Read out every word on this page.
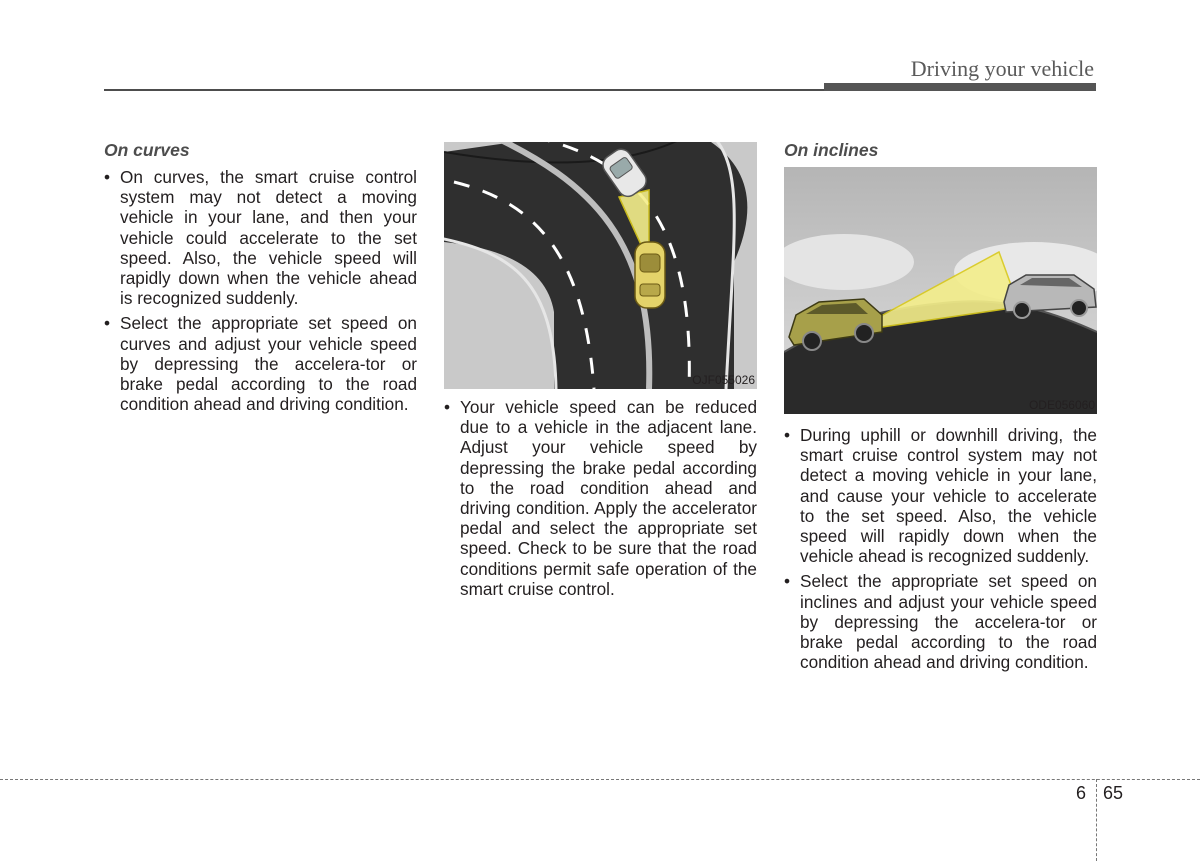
Driving your vehicle
On curves
• On curves, the smart cruise control system may not detect a moving vehicle in your lane, and then your vehicle could accelerate to the set speed. Also, the vehicle speed will rapidly down when the vehicle ahead is recognized suddenly.
• Select the appropriate set speed on curves and adjust your vehicle speed by depressing the accelera-tor or brake pedal according to the road condition ahead and driving condition.
OJF055026
• Your vehicle speed can be reduced due to a vehicle in the adjacent lane. Adjust your vehicle speed by depressing the brake pedal according to the road condition ahead and driving condition. Apply the accelerator pedal and select the appropriate set speed. Check to be sure that the road conditions permit safe operation of the smart cruise control.
On inclines
ODE056060
• During uphill or downhill driving, the smart cruise control system may not detect a moving vehicle in your lane, and cause your vehicle to accelerate to the set speed. Also, the vehicle speed will rapidly down when the vehicle ahead is recognized suddenly.
• Select the appropriate set speed on inclines and adjust your vehicle speed by depressing the accelera-tor or brake pedal according to the road condition ahead and driving condition.
6 65
